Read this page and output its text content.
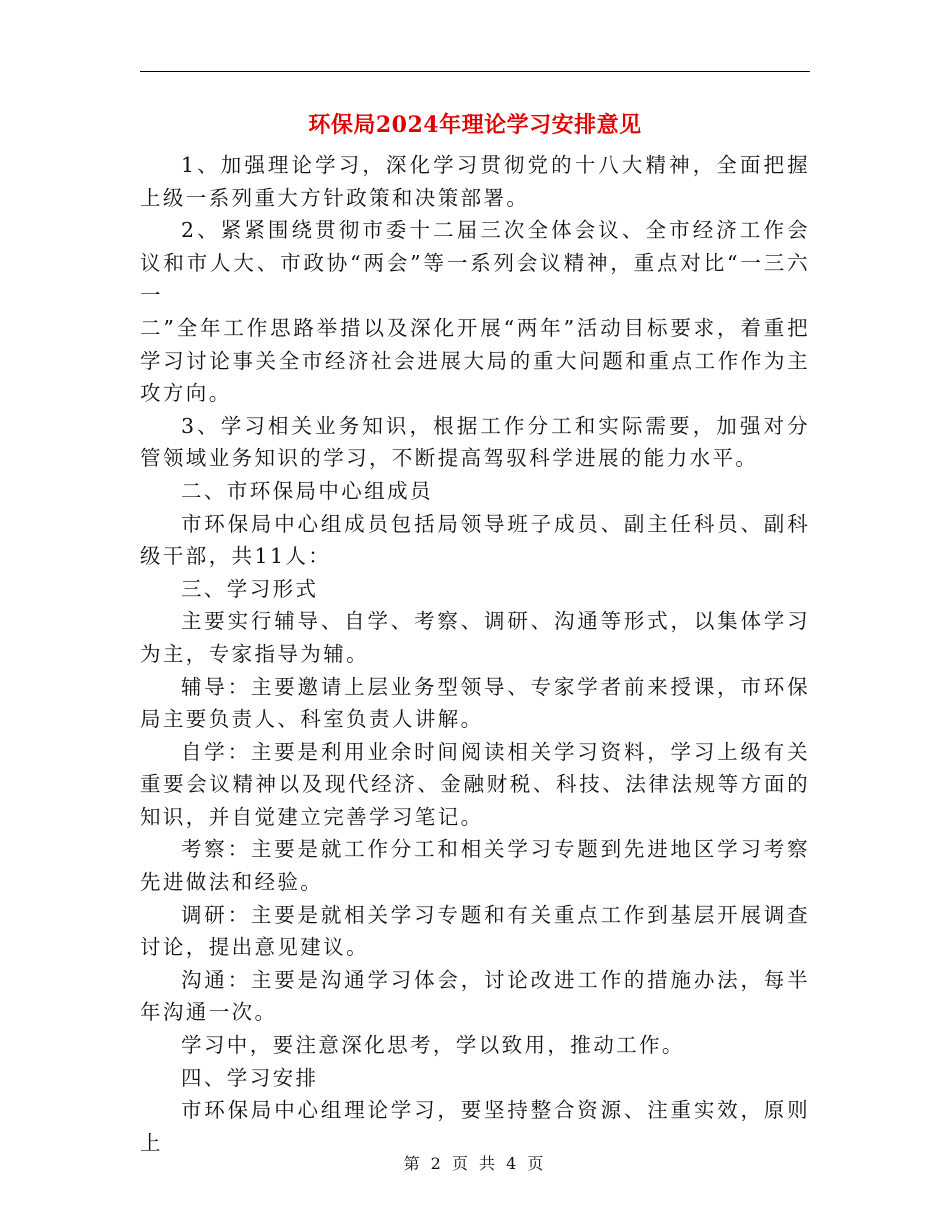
环保局2024年理论学习安排意见

1、加强理论学习，深化学习贯彻党的十八大精神，全面把握上级一系列重大方针政策和决策部署。

2、紧紧围绕贯彻市委十二届三次全体会议、全市经济工作会议和市人大、市政协“两会”等一系列会议精神，重点对比“一三六一
二”全年工作思路举措以及深化开展“两年”活动目标要求，着重把学习讨论事关全市经济社会进展大局的重大问题和重点工作作为主攻方向。

3、学习相关业务知识，根据工作分工和实际需要，加强对分管领域业务知识的学习，不断提高驾驭科学进展的能力水平。

二、市环保局中心组成员

市环保局中心组成员包括局领导班子成员、副主任科员、副科级干部，共11人：

三、学习形式

主要实行辅导、自学、考察、调研、沟通等形式，以集体学习为主，专家指导为辅。

辅导：主要邀请上层业务型领导、专家学者前来授课，市环保局主要负责人、科室负责人讲解。

自学：主要是利用业余时间阅读相关学习资料，学习上级有关重要会议精神以及现代经济、金融财税、科技、法律法规等方面的知识，并自觉建立完善学习笔记。

考察：主要是就工作分工和相关学习专题到先进地区学习考察先进做法和经验。

调研：主要是就相关学习专题和有关重点工作到基层开展调查讨论，提出意见建议。

沟通：主要是沟通学习体会，讨论改进工作的措施办法，每半年沟通一次。

学习中，要注意深化思考，学以致用，推动工作。

四、学习安排

市环保局中心组理论学习，要坚持整合资源、注重实效，原则上

第 2 页 共 4 页
